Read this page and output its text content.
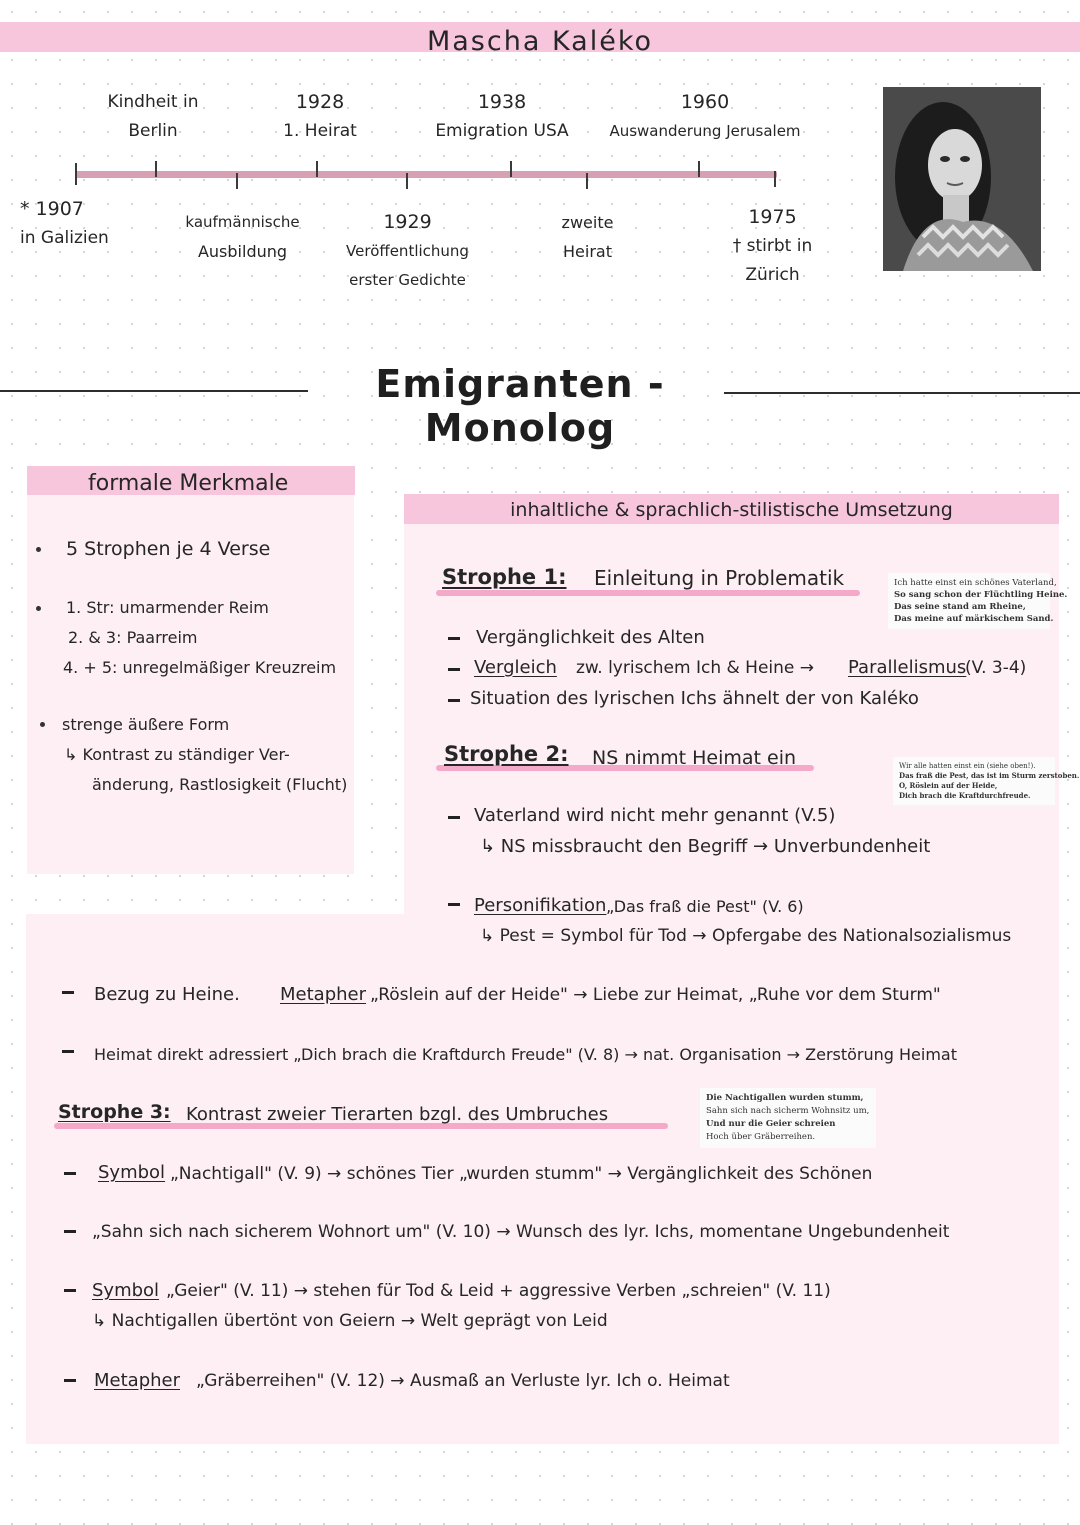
Mascha Kaléko
Kindheit in
Berlin
1928
1. Heirat
1938
Emigration USA
1960
Auswanderung Jerusalem
* 1907
in Galizien
kaufmännische
Ausbildung
1929
Veröffentlichung
erster Gedichte
zweite
Heirat
1975
† stirbt in
Zürich
Emigranten - Monolog
formale Merkmale
5 Strophen je 4 Verse
1. Str: umarmender Reim
2. & 3: Paarreim
4. + 5: unregelmäßiger Kreuzreim
strenge äußere Form
↳ Kontrast zu ständiger Ver-
änderung, Rastlosigkeit (Flucht)
inhaltliche & sprachlich-stilistische Umsetzung
Strophe 1: Einleitung in Problematik	Ich hatte einst ein schönes Vaterland,
So sang schon der Flüchtling Heine.
Das seine stand am Rheine,
Das meine auf märkischem Sand.
Vergänglichkeit des Alten
Vergleich zw. lyrischem Ich & Heine → Parallelismus
(V. 3-4)
Situation des lyrischen Ichs ähnelt der von Kaléko
Strophe 2: NS nimmt Heimat ein	Wir alle hatten einst ein (siehe oben!).
Das fraß die Pest, das ist im Sturm zerstoben.
O, Röslein auf der Heide,
Dich brach die Kraftdurchfreude.
Vaterland wird nicht mehr genannt (V.5)
↳ NS missbraucht den Begriff → Unverbundenheit
Personifikation „Das fraß die Pest" (V. 6)
↳ Pest = Symbol für Tod → Opfergabe des Nationalsozialismus
Bezug zu Heine. Metapher „Röslein auf der Heide" → Liebe zur Heimat, „Ruhe vor dem Sturm"
Heimat direkt adressiert „Dich brach die Kraftdurch Freude" (V. 8) → nat. Organisation → Zerstörung Heimat
Strophe 3: Kontrast zweier Tierarten bzgl. des Umbruches
Die Nachtigallen wurden stumm,
Sahn sich nach sicherm Wohnsitz um,
Und nur die Geier schreien
Hoch über Gräberreihen.
Symbol „Nachtigall" (V. 9) → schönes Tier „wurden stumm" → Vergänglichkeit des Schönen
„Sahn sich nach sicherem Wohnort um" (V. 10) → Wunsch des lyr. Ichs, momentane Ungebundenheit
Symbol „Geier" (V. 11) → stehen für Tod & Leid + aggressive Verben „schreien" (V. 11)
↳ Nachtigallen übertönt von Geiern → Welt geprägt von Leid
Metapher „Gräberreihen" (V. 12) → Ausmaß an Verluste lyr. Ich o. Heimat
